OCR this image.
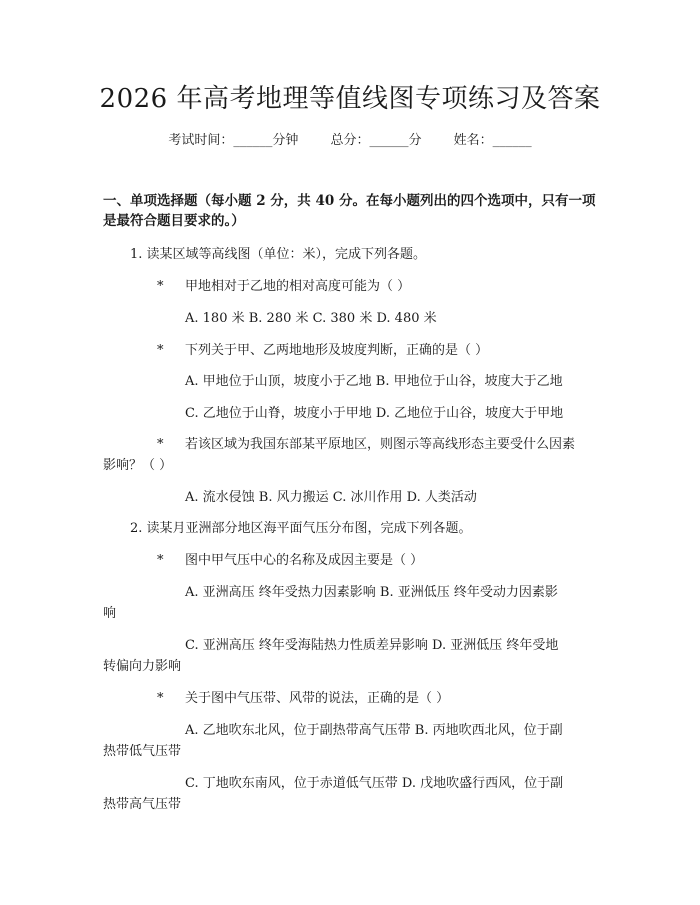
2026 年高考地理等值线图专项练习及答案
考试时间：______分钟 总分：______分 姓名：______
一、单项选择题（每小题 2 分，共 40 分。在每小题列出的四个选项中，只有一项
是最符合题目要求的。）
1. 读某区域等高线图（单位：米），完成下列各题。
* 甲地相对于乙地的相对高度可能为（ ）
A. 180 米 B. 280 米 C. 380 米 D. 480 米
* 下列关于甲、乙两地地形及坡度判断，正确的是（ ）
A. 甲地位于山顶，坡度小于乙地 B. 甲地位于山谷，坡度大于乙地
C. 乙地位于山脊，坡度小于甲地 D. 乙地位于山谷，坡度大于甲地
* 若该区域为我国东部某平原地区，则图示等高线形态主要受什么因素
影响？（ ）
A. 流水侵蚀 B. 风力搬运 C. 冰川作用 D. 人类活动
2. 读某月亚洲部分地区海平面气压分布图，完成下列各题。
* 图中甲气压中心的名称及成因主要是（ ）
A. 亚洲高压 终年受热力因素影响 B. 亚洲低压 终年受动力因素影
响
C. 亚洲高压 终年受海陆热力性质差异影响 D. 亚洲低压 终年受地
转偏向力影响
* 关于图中气压带、风带的说法，正确的是（ ）
A. 乙地吹东北风，位于副热带高气压带 B. 丙地吹西北风，位于副
热带低气压带
C. 丁地吹东南风，位于赤道低气压带 D. 戊地吹盛行西风，位于副
热带高气压带
